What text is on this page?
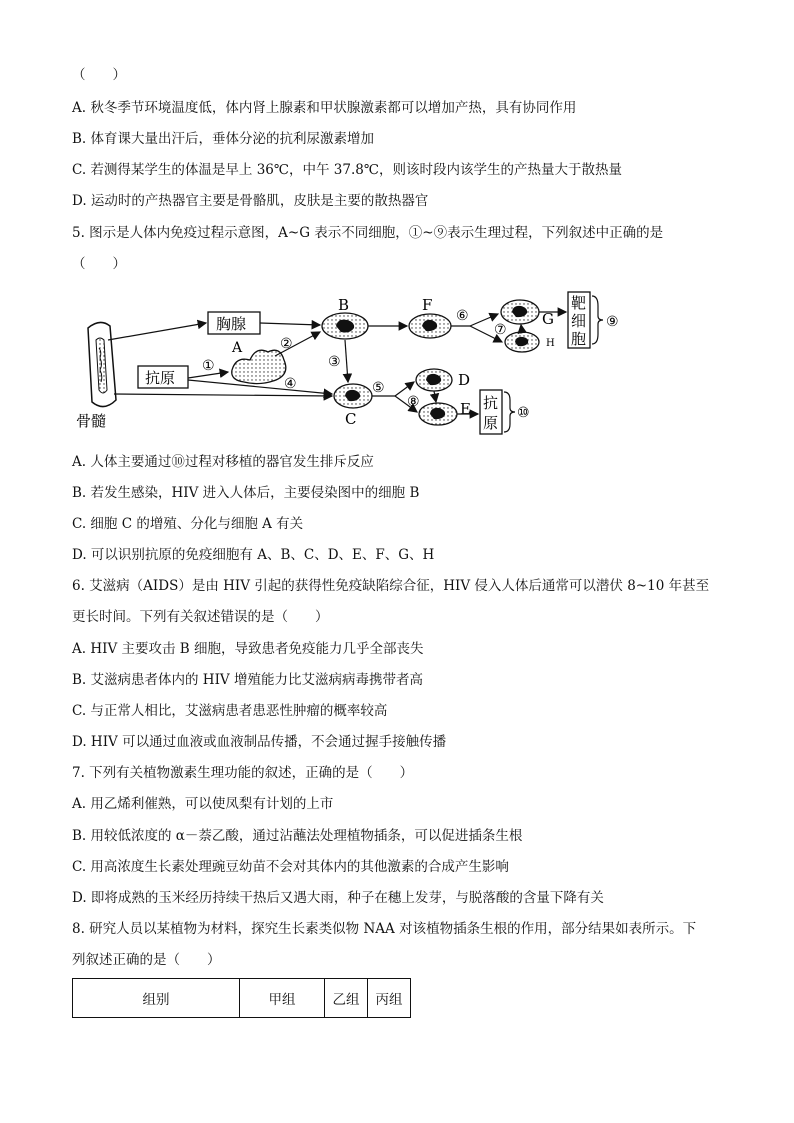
（　　）
A. 秋冬季节环境温度低，体内肾上腺素和甲状腺激素都可以增加产热，具有协同作用
B. 体育课大量出汗后，垂体分泌的抗利尿激素增加
C. 若测得某学生的体温是早上 36℃，中午 37.8℃，则该时段内该学生的产热量大于散热量
D. 运动时的产热器官主要是骨骼肌，皮肤是主要的散热器官
5. 图示是人体内免疫过程示意图，A~G 表示不同细胞，①~⑨表示生理过程，下列叙述中正确的是
（　　）
骨髓
胸腺
抗原
A
B
C
F
G
H
D
E
靶
细
胞
抗
原
①
②
③
④	⑤
⑥
⑦
⑧
⑨
⑩
A. 人体主要通过⑩过程对移植的器官发生排斥反应
B. 若发生感染，HIV 进入人体后，主要侵染图中的细胞 B
C. 细胞 C 的增殖、分化与细胞 A 有关
D. 可以识别抗原的免疫细胞有 A、B、C、D、E、F、G、H
6. 艾滋病（AIDS）是由 HIV 引起的获得性免疫缺陷综合征，HIV 侵入人体后通常可以潜伏 8~10 年甚至
更长时间。下列有关叙述错误的是（　　）
A. HIV 主要攻击 B 细胞，导致患者免疫能力几乎全部丧失
B. 艾滋病患者体内的 HIV 增殖能力比艾滋病病毒携带者高
C. 与正常人相比，艾滋病患者患恶性肿瘤的概率较高
D. HIV 可以通过血液或血液制品传播，不会通过握手接触传播
7. 下列有关植物激素生理功能的叙述，正确的是（　　）
A. 用乙烯利催熟，可以使凤梨有计划的上市
B. 用较低浓度的 α－萘乙酸，通过沾蘸法处理植物插条，可以促进插条生根
C. 用高浓度生长素处理豌豆幼苗不会对其体内的其他激素的合成产生影响
D. 即将成熟的玉米经历持续干热后又遇大雨，种子在穗上发芽，与脱落酸的含量下降有关
8. 研究人员以某植物为材料，探究生长素类似物 NAA 对该植物插条生根的作用，部分结果如表所示。下
列叙述正确的是（　　）
组别	甲组	乙组	丙组
